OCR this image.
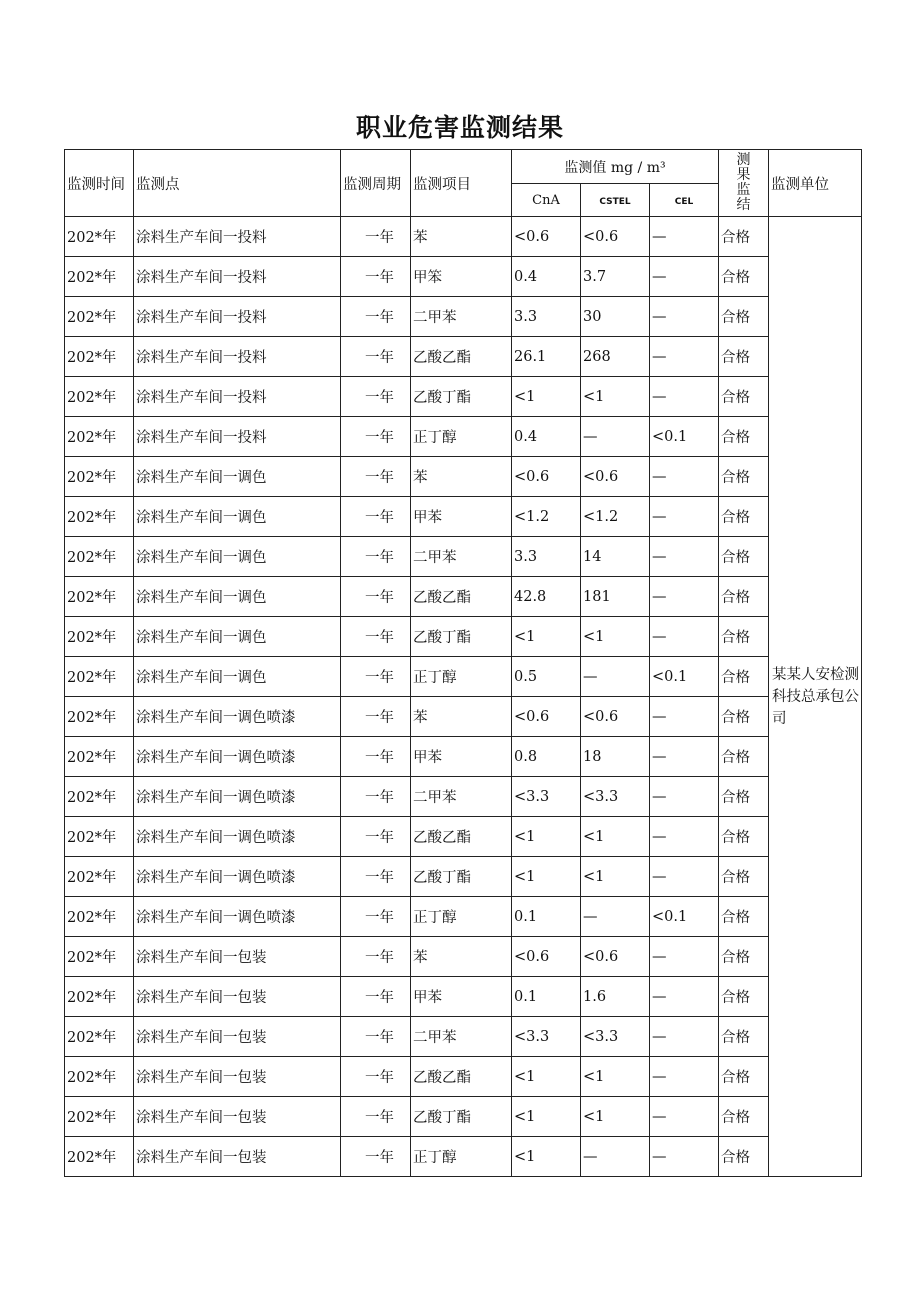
职业危害监测结果
监测时间	监测点	监测周期	监测项目	监测值 mg / m³			测果监结	监测单位
				CnA	CSTEL	CEL		
202*年	涂料生产车间一投料	一年	苯	<0.6	<0.6	—	合格	某某人安检测科技总承包公司
202*年	涂料生产车间一投料	一年	甲笨	0.4	3.7	—	合格	
202*年	涂料生产车间一投料	一年	二甲苯	3.3	30	—	合格	
202*年	涂料生产车间一投料	一年	乙酸乙酯	26.1	268	—	合格	
202*年	涂料生产车间一投料	一年	乙酸丁酯	<1	<1	—	合格	
202*年	涂料生产车间一投料	一年	正丁醇	0.4	—	<0.1	合格	
202*年	涂料生产车间一调色	一年	苯	<0.6	<0.6	—	合格	
202*年	涂料生产车间一调色	一年	甲苯	<1.2	<1.2	—	合格	
202*年	涂料生产车间一调色	一年	二甲苯	3.3	14	—	合格	
202*年	涂料生产车间一调色	一年	乙酸乙酯	42.8	181	—	合格	
202*年	涂料生产车间一调色	一年	乙酸丁酯	<1	<1	—	合格	
202*年	涂料生产车间一调色	一年	正丁醇	0.5	—	<0.1	合格	
202*年	涂料生产车间一调色喷漆	一年	苯	<0.6	<0.6	—	合格	
202*年	涂料生产车间一调色喷漆	一年	甲苯	0.8	18	—	合格	
202*年	涂料生产车间一调色喷漆	一年	二甲苯	<3.3	<3.3	—	合格	
202*年	涂料生产车间一调色喷漆	一年	乙酸乙酯	<1	<1	—	合格	
202*年	涂料生产车间一调色喷漆	一年	乙酸丁酯	<1	<1	—	合格	
202*年	涂料生产车间一调色喷漆	一年	正丁醇	0.1	—	<0.1	合格	
202*年	涂料生产车间一包装	一年	苯	<0.6	<0.6	—	合格	
202*年	涂料生产车间一包装	一年	甲苯	0.1	1.6	—	合格	
202*年	涂料生产车间一包装	一年	二甲苯	<3.3	<3.3	—	合格	
202*年	涂料生产车间一包装	一年	乙酸乙酯	<1	<1	—	合格	
202*年	涂料生产车间一包装	一年	乙酸丁酯	<1	<1	—	合格	
202*年	涂料生产车间一包装	一年	正丁醇	<1	—	—	合格	
